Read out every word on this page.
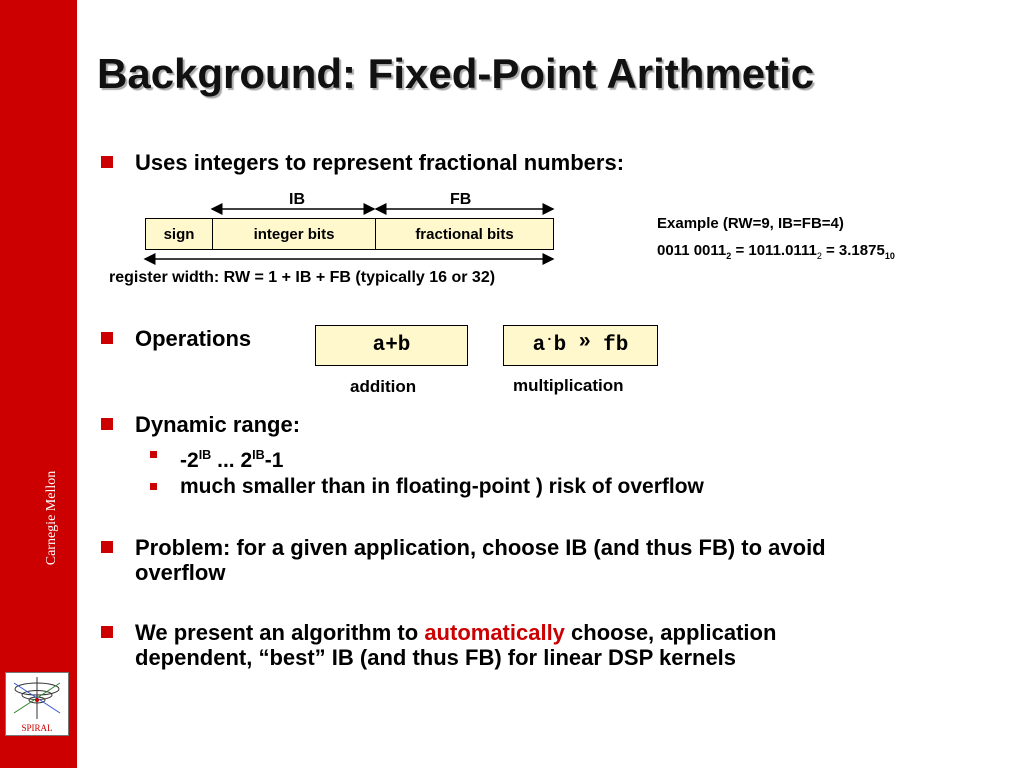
Carnegie Mellon
SPIRAL
Background: Fixed-Point Arithmetic
Uses integers to represent fractional numbers:
IB	FB
sign	integer bits	fractional bits
register width: RW = 1 + IB + FB (typically 16 or 32)
Example (RW=9, IB=FB=4)
0011 $0011_2 = 1011.0111_2 = 3.1875_{10}$
Operations	a+b	a · b » fb
addition	multiplication
Dynamic range:
$-2^{IB}$ ... $2^{IB}-1$
much smaller than in floating-point ) risk of overflow
Problem: for a given application, choose IB (and thus FB) to avoid
overflow
We present an algorithm to automatically choose, application
dependent, “best” IB (and thus FB) for linear DSP kernels
